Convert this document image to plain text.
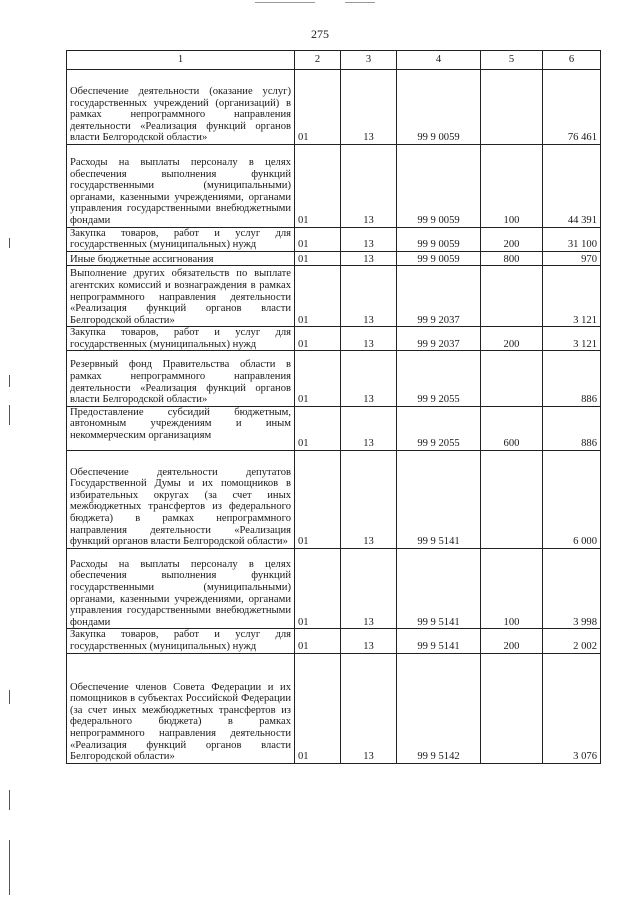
275
1	2	3	4	5	6
Обеспечение деятельности (оказание услуг) государственных учреждений (организаций) в рамках непрограммного направления деятельности «Реализация функций органов власти Белгородской области»	01	13	99 9 0059		76 461
Расходы на выплаты персоналу в целях обеспечения выполнения функций государственными (муниципальными) органами, казенными учреждениями, органами управления государственными внебюджетными фондами	01	13	99 9 0059	100	44 391
Закупка товаров, работ и услуг для государственных (муниципальных) нужд	01	13	99 9 0059	200	31 100
Иные бюджетные ассигнования	01	13	99 9 0059	800	970
Выполнение других обязательств по выплате агентских комиссий и вознаграждения в рамках непрограммного направления деятельности «Реализация функций органов власти Белгородской области»	01	13	99 9 2037		3 121
Закупка товаров, работ и услуг для государственных (муниципальных) нужд	01	13	99 9 2037	200	3 121
Резервный фонд Правительства области в рамках непрограммного направления деятельности «Реализация функций органов власти Белгородской области»	01	13	99 9 2055		886
Предоставление субсидий бюджетным, автономным учреждениям и иным некоммерческим организациям	01	13	99 9 2055	600	886
Обеспечение деятельности депутатов Государственной Думы и их помощников в избирательных округах (за счет иных межбюджетных трансфертов из федерального бюджета) в рамках непрограммного направления деятельности «Реализация функций органов власти Белгородской области»	01	13	99 9 5141		6 000
Расходы на выплаты персоналу в целях обеспечения выполнения функций государственными (муниципальными) органами, казенными учреждениями, органами управления государственными внебюджетными фондами	01	13	99 9 5141	100	3 998
Закупка товаров, работ и услуг для государственных (муниципальных) нужд	01	13	99 9 5141	200	2 002
Обеспечение членов Совета Федерации и их помощников в субъектах Российской Федерации (за счет иных межбюджетных трансфертов из федерального бюджета) в рамках непрограммного направления деятельности «Реализация функций органов власти Белгородской области»	01	13	99 9 5142		3 076
